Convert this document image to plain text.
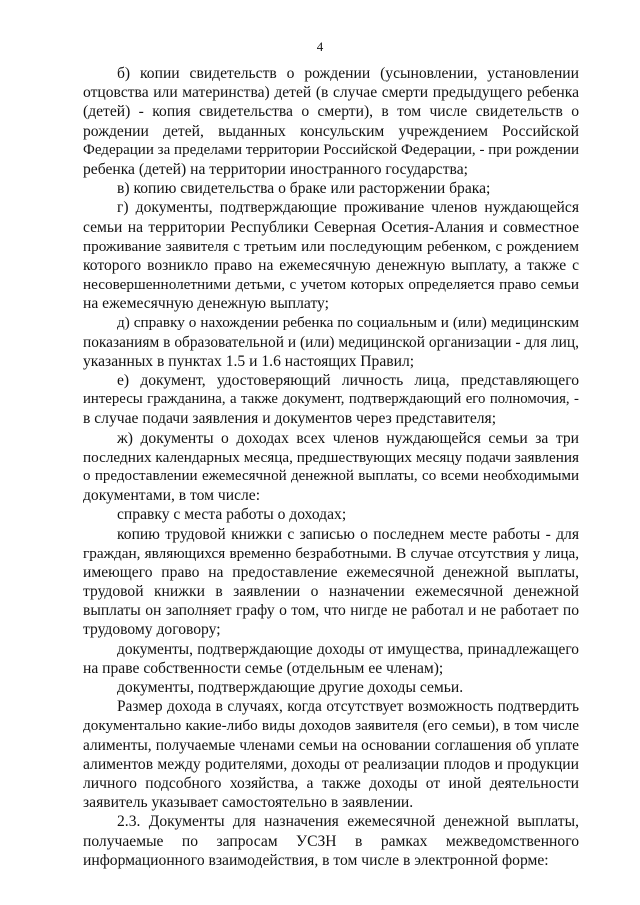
4
б) копии свидетельств о рождении (усыновлении, установлении
отцовства или материнства) детей (в случае смерти предыдущего ребенка
(детей) - копия свидетельства о смерти), в том числе свидетельств о
рождении детей, выданных консульским учреждением Российской
Федерации за пределами территории Российской Федерации, - при рождении
ребенка (детей) на территории иностранного государства;
в) копию свидетельства о браке или расторжении брака;
г) документы, подтверждающие проживание членов нуждающейся
семьи на территории Республики Северная Осетия-Алания и совместное
проживание заявителя с третьим или последующим ребенком, с рождением
которого возникло право на ежемесячную денежную выплату, а также с
несовершеннолетними детьми, с учетом которых определяется право семьи
на ежемесячную денежную выплату;
д) справку о нахождении ребенка по социальным и (или) медицинским
показаниям в образовательной и (или) медицинской организации - для лиц,
указанных в пунктах 1.5 и 1.6 настоящих Правил;
е) документ, удостоверяющий личность лица, представляющего
интересы гражданина, а также документ, подтверждающий его полномочия, -
в случае подачи заявления и документов через представителя;
ж) документы о доходах всех членов нуждающейся семьи за три
последних календарных месяца, предшествующих месяцу подачи заявления
о предоставлении ежемесячной денежной выплаты, со всеми необходимыми
документами, в том числе:
справку с места работы о доходах;
копию трудовой книжки с записью о последнем месте работы - для
граждан, являющихся временно безработными. В случае отсутствия у лица,
имеющего право на предоставление ежемесячной денежной выплаты,
трудовой книжки в заявлении о назначении ежемесячной денежной
выплаты он заполняет графу о том, что нигде не работал и не работает по
трудовому договору;
документы, подтверждающие доходы от имущества, принадлежащего
на праве собственности семье (отдельным ее членам);
документы, подтверждающие другие доходы семьи.
Размер дохода в случаях, когда отсутствует возможность подтвердить
документально какие-либо виды доходов заявителя (его семьи), в том числе
алименты, получаемые членами семьи на основании соглашения об уплате
алиментов между родителями, доходы от реализации плодов и продукции
личного подсобного хозяйства, а также доходы от иной деятельности
заявитель указывает самостоятельно в заявлении.
2.3. Документы для назначения ежемесячной денежной выплаты,
получаемые по запросам УСЗН в рамках межведомственного
информационного взаимодействия, в том числе в электронной форме:
